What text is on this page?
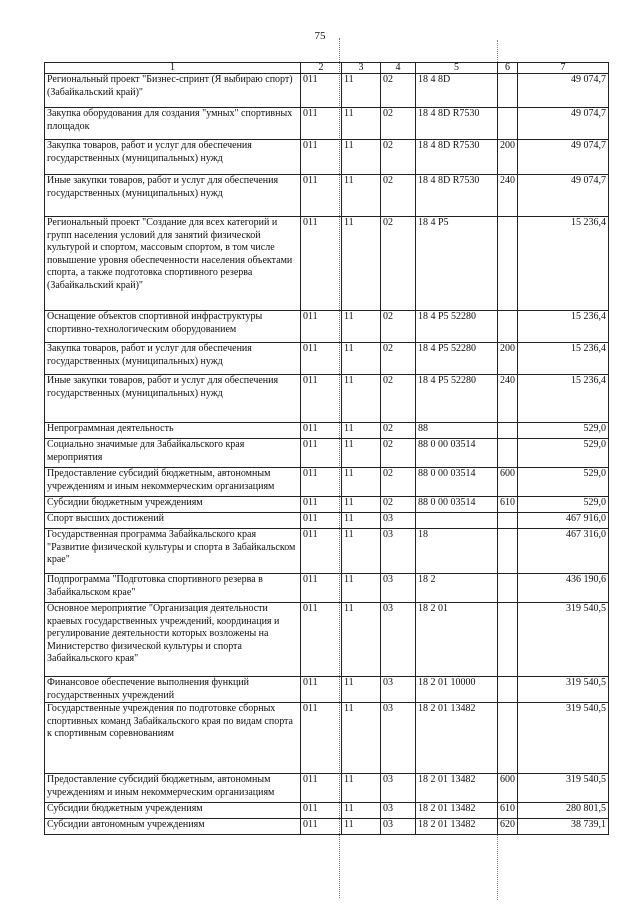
75
1	2	3	4	5	6	7
Региональный проект "Бизнес-спринт (Я выбираю спорт) (Забайкальский край)"	011	11	02	18 4 8D		49 074,7
Закупка оборудования для создания "умных" спортивных площадок	011	11	02	18 4 8D R7530		49 074,7
Закупка товаров, работ и услуг для обеспечения государственных (муниципальных) нужд	011	11	02	18 4 8D R7530	200	49 074,7
Иные закупки товаров, работ и услуг для обеспечения государственных (муниципальных) нужд	011	11	02	18 4 8D R7530	240	49 074,7
Региональный проект "Создание для всех категорий и групп населения условий для занятий физической культурой и спортом, массовым спортом, в том числе повышение уровня обеспеченности населения объектами спорта, а также подготовка спортивного резерва (Забайкальский край)"	011	11	02	18 4 P5		15 236,4
Оснащение объектов спортивной инфраструктуры спортивно-технологическим оборудованием	011	11	02	18 4 P5 52280		15 236,4
Закупка товаров, работ и услуг для обеспечения государственных (муниципальных) нужд	011	11	02	18 4 P5 52280	200	15 236,4
Иные закупки товаров, работ и услуг для обеспечения государственных (муниципальных) нужд	011	11	02	18 4 P5 52280	240	15 236,4
Непрограммная деятельность	011	11	02	88		529,0
Социально значимые для Забайкальского края мероприятия	011	11	02	88 0 00 03514		529,0
Предоставление субсидий бюджетным, автономным учреждениям и иным некоммерческим организациям	011	11	02	88 0 00 03514	600	529,0
Субсидии бюджетным учреждениям	011	11	02	88 0 00 03514	610	529,0
Спорт высших достижений	011	11	03			467 916,0
Государственная программа Забайкальского края "Развитие физической культуры и спорта в Забайкальском крае"	011	11	03	18		467 316,0
Подпрограмма "Подготовка спортивного резерва в Забайкальском крае"	011	11	03	18 2		436 190,6
Основное мероприятие "Организация деятельности краевых государственных учреждений, координация и регулирование деятельности которых возложены на Министерство физической культуры и спорта Забайкальского края"	011	11	03	18 2 01		319 540,5
Финансовое обеспечение выполнения функций государственных учреждений	011	11	03	18 2 01 10000		319 540,5
Государственные учреждения по подготовке сборных спортивных команд Забайкальского края по видам спорта к спортивным соревнованиям	011	11	03	18 2 01 13482		319 540,5
Предоставление субсидий бюджетным, автономным учреждениям и иным некоммерческим организациям	011	11	03	18 2 01 13482	600	319 540,5
Субсидии бюджетным учреждениям	011	11	03	18 2 01 13482	610	280 801,5
Субсидии автономным учреждениям	011	11	03	18 2 01 13482	620	38 739,1
